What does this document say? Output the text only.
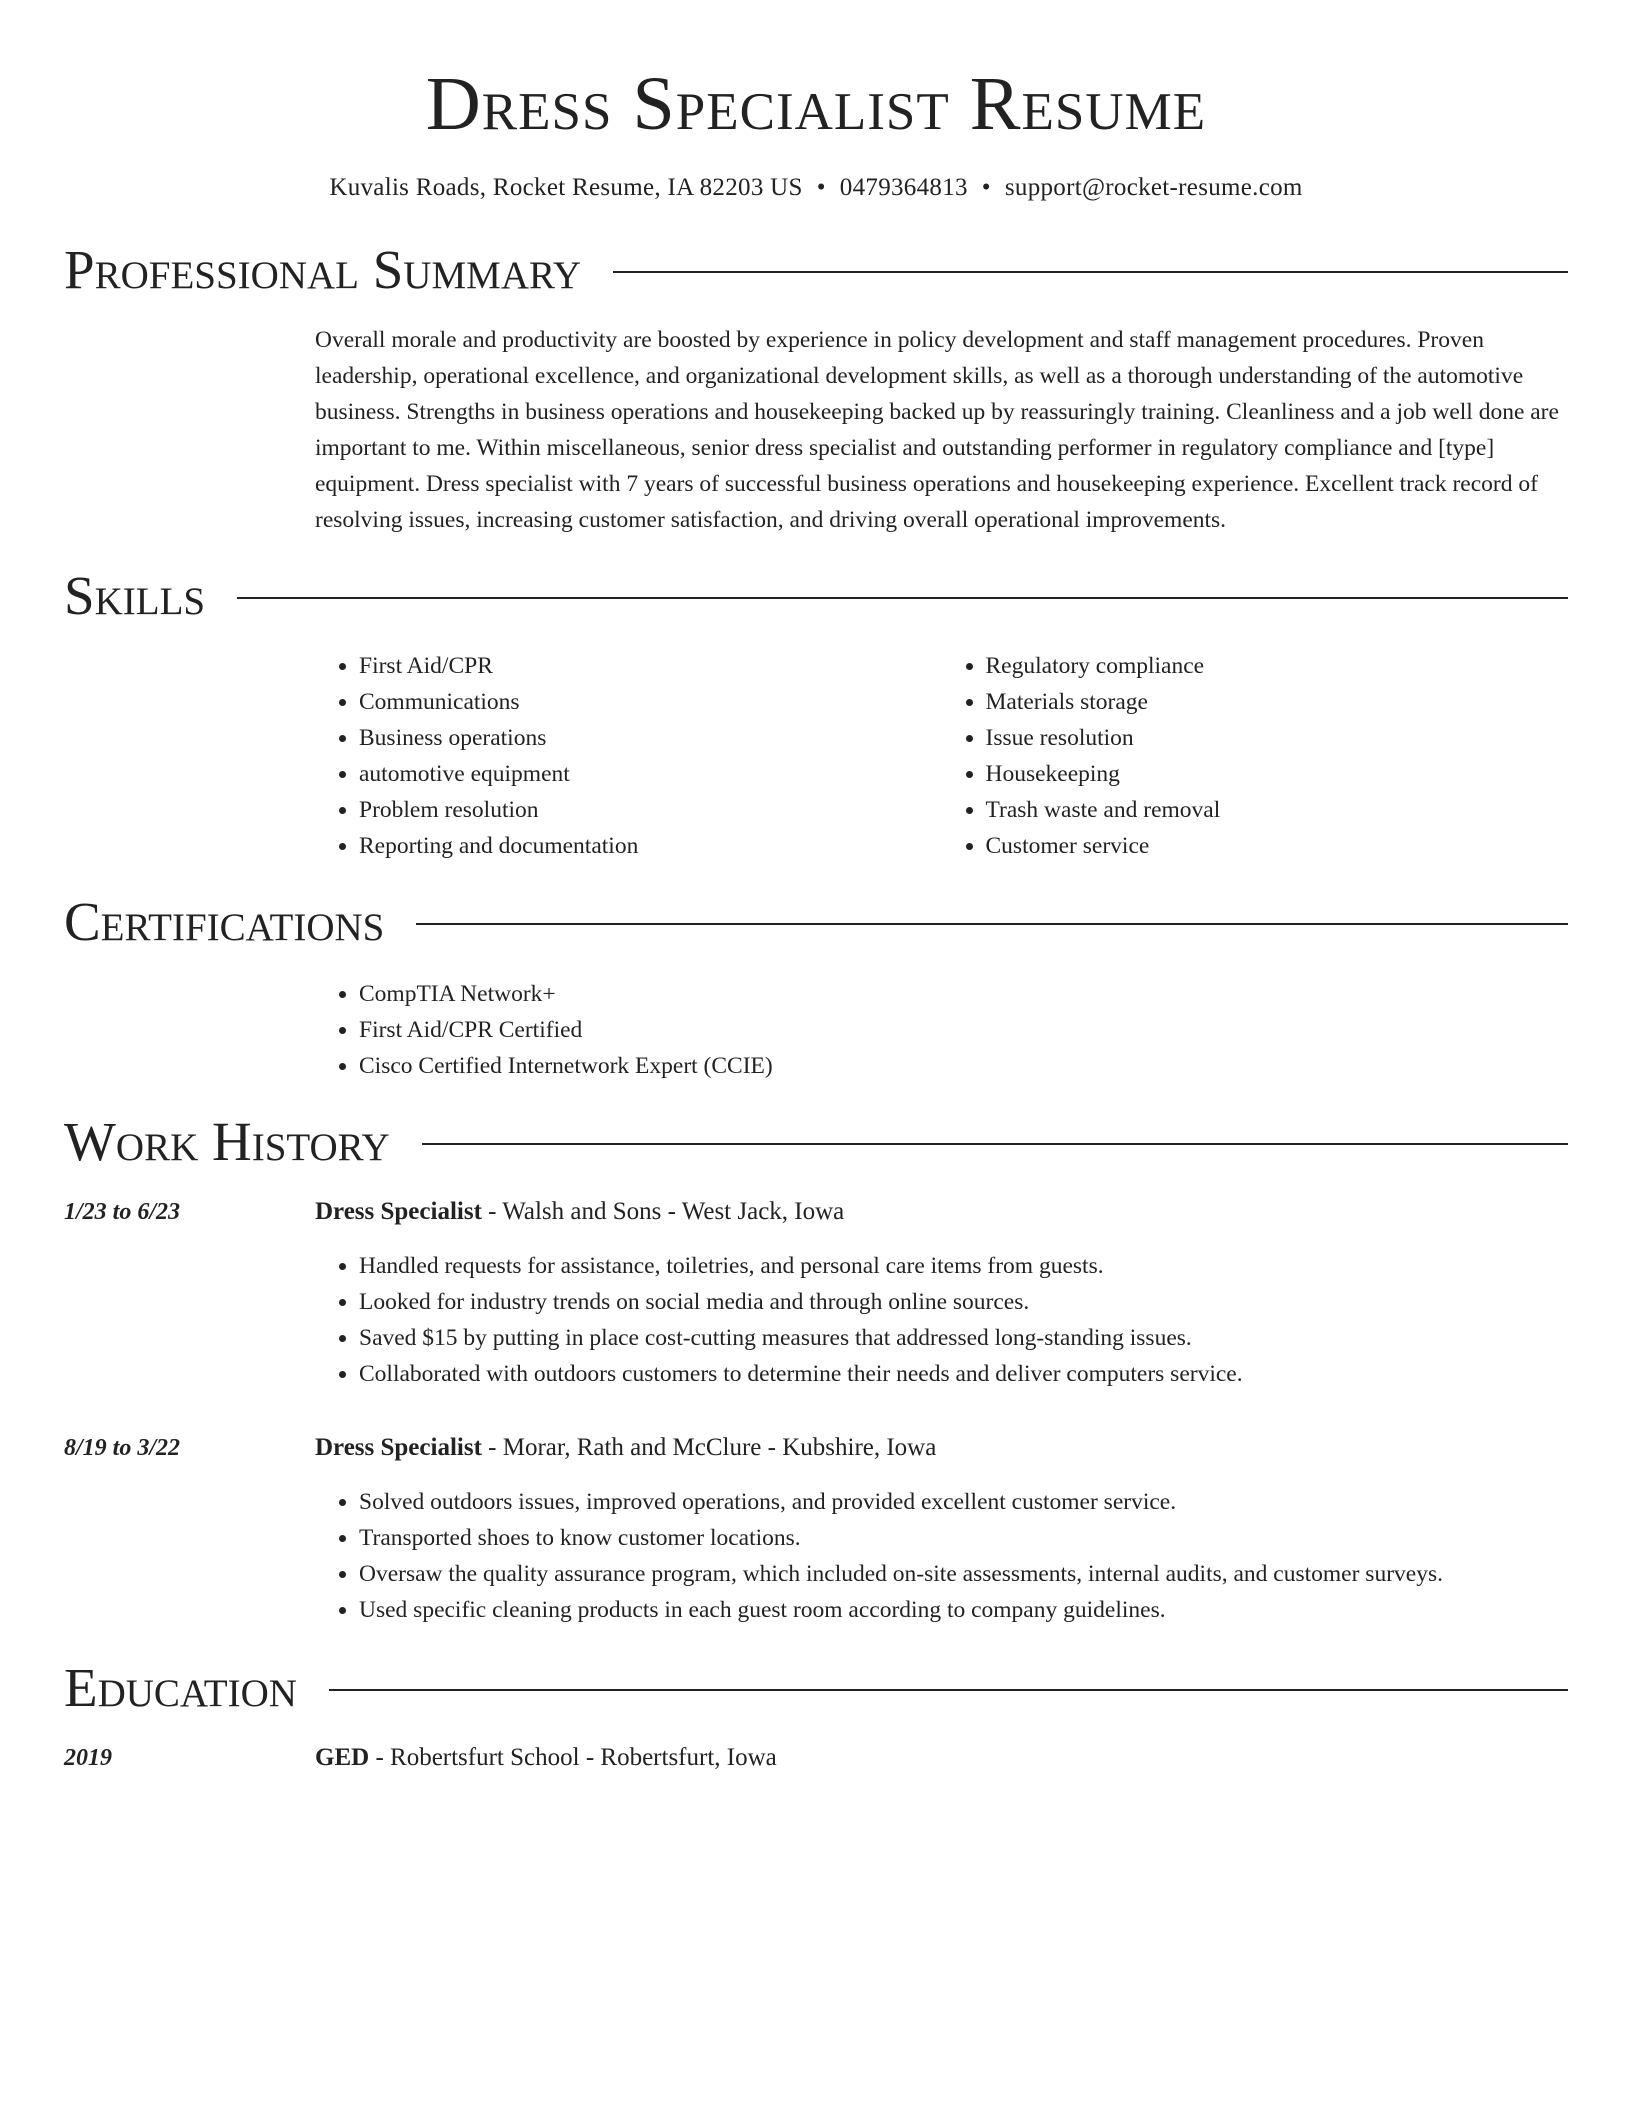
Dress Specialist Resume
Kuvalis Roads, Rocket Resume, IA 82203 US • 0479364813 • support@rocket-resume.com
Professional Summary
Overall morale and productivity are boosted by experience in policy development and staff management procedures. Proven leadership, operational excellence, and organizational development skills, as well as a thorough understanding of the automotive business. Strengths in business operations and housekeeping backed up by reassuringly training. Cleanliness and a job well done are important to me. Within miscellaneous, senior dress specialist and outstanding performer in regulatory compliance and [type] equipment. Dress specialist with 7 years of successful business operations and housekeeping experience. Excellent track record of resolving issues, increasing customer satisfaction, and driving overall operational improvements.
Skills
• First Aid/CPR
• Communications
• Business operations
• automotive equipment
• Problem resolution
• Reporting and documentation
• Regulatory compliance
• Materials storage
• Issue resolution
• Housekeeping
• Trash waste and removal
• Customer service
Certifications
• CompTIA Network+
• First Aid/CPR Certified
• Cisco Certified Internetwork Expert (CCIE)
Work History
1/23 to 6/23	Dress Specialist - Walsh and Sons - West Jack, Iowa
• Handled requests for assistance, toiletries, and personal care items from guests.
• Looked for industry trends on social media and through online sources.
• Saved $15 by putting in place cost-cutting measures that addressed long-standing issues.
• Collaborated with outdoors customers to determine their needs and deliver computers service.
8/19 to 3/22	Dress Specialist - Morar, Rath and McClure - Kubshire, Iowa
• Solved outdoors issues, improved operations, and provided excellent customer service.
• Transported shoes to know customer locations.
• Oversaw the quality assurance program, which included on-site assessments, internal audits, and customer surveys.
• Used specific cleaning products in each guest room according to company guidelines.
Education
2019	GED - Robertsfurt School - Robertsfurt, Iowa
